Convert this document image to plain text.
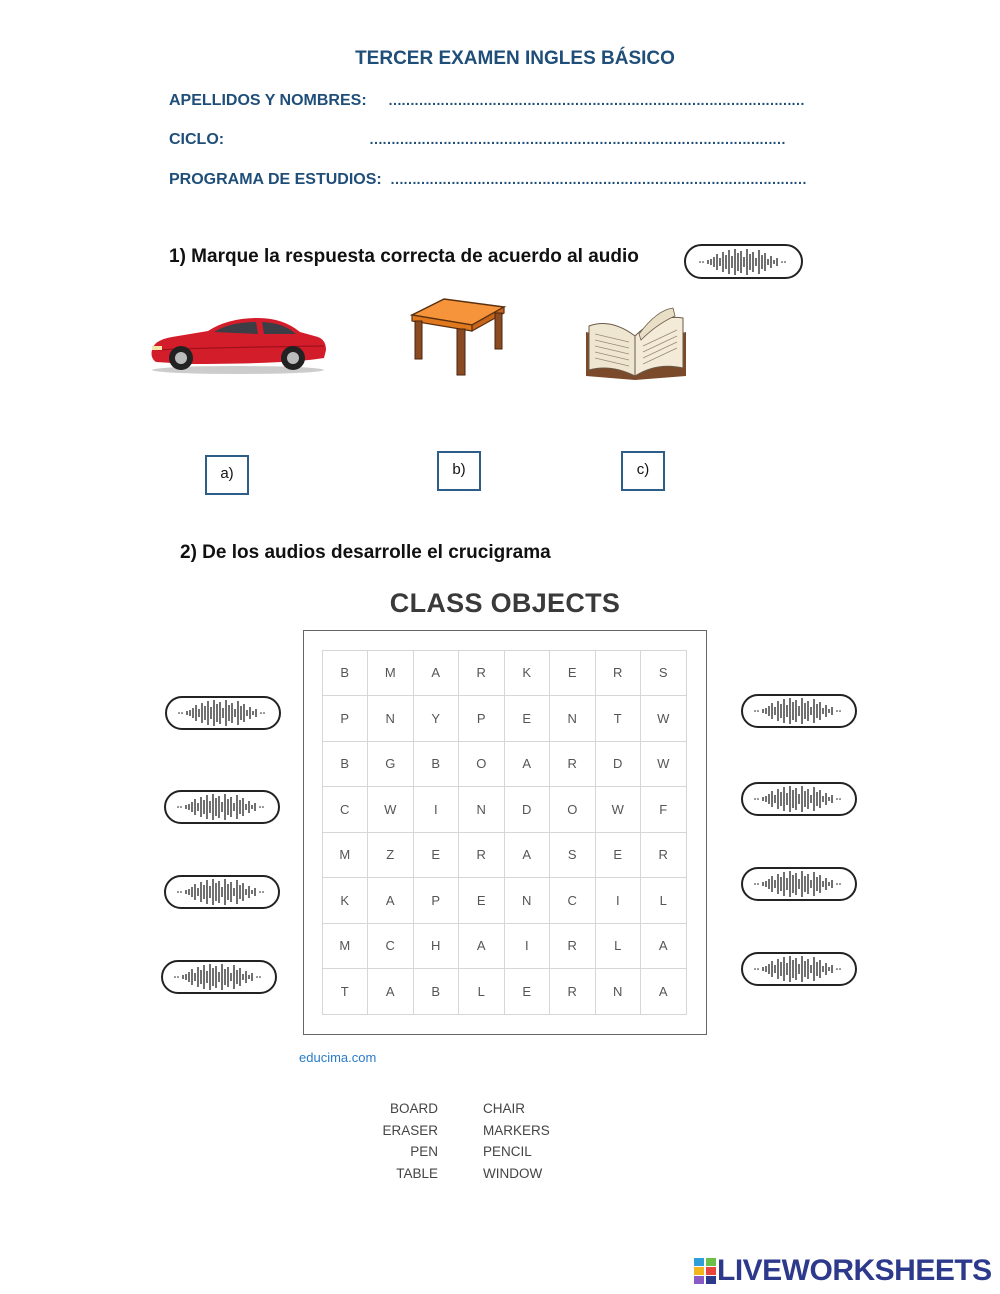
TERCER EXAMEN INGLES BÁSICO
APELLIDOS Y NOMBRES: ……………………………………………………………………………………
CICLO:	……………………………………………………………………………………
PROGRAMA DE ESTUDIOS: ……………………………………………………………………………………
1) Marque la respuesta correcta de acuerdo al audio
a)	b)	c)
2) De los audios desarrolle el crucigrama
CLASS OBJECTS
B	M	A	R	K	E	R	S
P	N	Y	P	E	N	T	W
B	G	B	O	A	R	D	W
C	W	I	N	D	O	W	F
M	Z	E	R	A	S	E	R
K	A	P	E	N	C	I	L
M	C	H	A	I	R	L	A
T	A	B	L	E	R	N	A
educima.com
BOARD
ERASER
PEN
TABLE
CHAIR
MARKERS
PENCIL
WINDOW
LIVEWORKSHEETS
